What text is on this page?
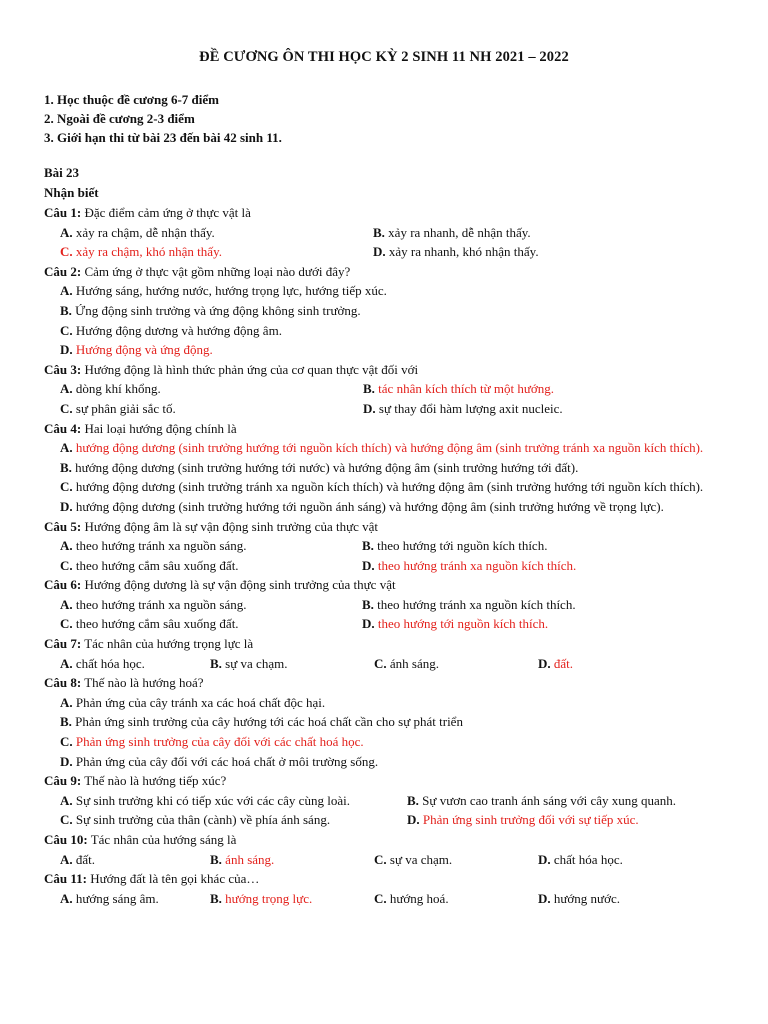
ĐỀ CƯƠNG ÔN THI HỌC KỲ 2 SINH 11 NH 2021 – 2022
1. Học thuộc đề cương 6-7 điểm
2. Ngoài đề cương 2-3 điểm
3. Giới hạn thi từ bài 23 đến bài 42 sinh 11.
Bài 23
Nhận biết
Câu 1: Đặc điểm cảm ứng ở thực vật là
A. xảy ra chậm, dễ nhận thấy.	B. xảy ra nhanh, dễ nhận thấy.
C. xảy ra chậm, khó nhận thấy.	D. xảy ra nhanh, khó nhận thấy.
Câu 2: Cảm ứng ở thực vật gồm những loại nào dưới đây?
A. Hướng sáng, hướng nước, hướng trọng lực, hướng tiếp xúc.
B. Ứng động sinh trưởng và ứng động không sinh trưởng.
C. Hướng động dương và hướng động âm.
D. Hướng động và ứng động.
Câu 3: Hướng động là hình thức phản ứng của cơ quan thực vật đối với
A. dòng khí khổng.	B. tác nhân kích thích từ một hướng.
C. sự phân giải sắc tố.	D. sự thay đổi hàm lượng axit nucleic.
Câu 4: Hai loại hướng động chính là
A. hướng động dương (sinh trưởng hướng tới nguồn kích thích) và hướng động âm (sinh trưởng tránh xa nguồn kích thích).
B. hướng động dương (sinh trưởng hướng tới nước) và hướng động âm (sinh trưởng hướng tới đất).
C. hướng động dương (sinh trưởng tránh xa nguồn kích thích) và hướng động âm (sinh trưởng hướng tới nguồn kích thích).
D. hướng động dương (sinh trưởng hướng tới nguồn ánh sáng) và hướng động âm (sinh trưởng hướng về trọng lực).
Câu 5: Hướng động âm là sự vận động sinh trưởng của thực vật
A. theo hướng tránh xa nguồn sáng.	B. theo hướng tới nguồn kích thích.
C. theo hướng cắm sâu xuống đất.	D. theo hướng tránh xa nguồn kích thích.
Câu 6: Hướng động dương là sự vận động sinh trưởng của thực vật
A. theo hướng tránh xa nguồn sáng.	B. theo hướng tránh xa nguồn kích thích.
C. theo hướng cắm sâu xuống đất.	D. theo hướng tới nguồn kích thích.
Câu 7: Tác nhân của hướng trọng lực là
A. chất hóa học.	B. sự va chạm.	C. ánh sáng.	D. đất.
Câu 8: Thế nào là hướng hoá?
A. Phản ứng của cây tránh xa các hoá chất độc hại.
B. Phản ứng sinh trưởng của cây hướng tới các hoá chất cần cho sự phát triển
C. Phản ứng sinh trưởng của cây đối với các chất hoá học.
D. Phản ứng của cây đối với các hoá chất ở môi trường sống.
Câu 9: Thế nào là hướng tiếp xúc?
A. Sự sinh trưởng khi có tiếp xúc với các cây cùng loài.	B. Sự vươn cao tranh ánh sáng với cây xung quanh.
C. Sự sinh trưởng của thân (cành) về phía ánh sáng.	D. Phản ứng sinh trưởng đối với sự tiếp xúc.
Câu 10: Tác nhân của hướng sáng là
A. đất.	B. ánh sáng.	C. sự va chạm.	D. chất hóa học.
Câu 11: Hướng đất là tên gọi khác của…
A. hướng sáng âm.	B. hướng trọng lực.	C. hướng hoá.	D. hướng nước.
